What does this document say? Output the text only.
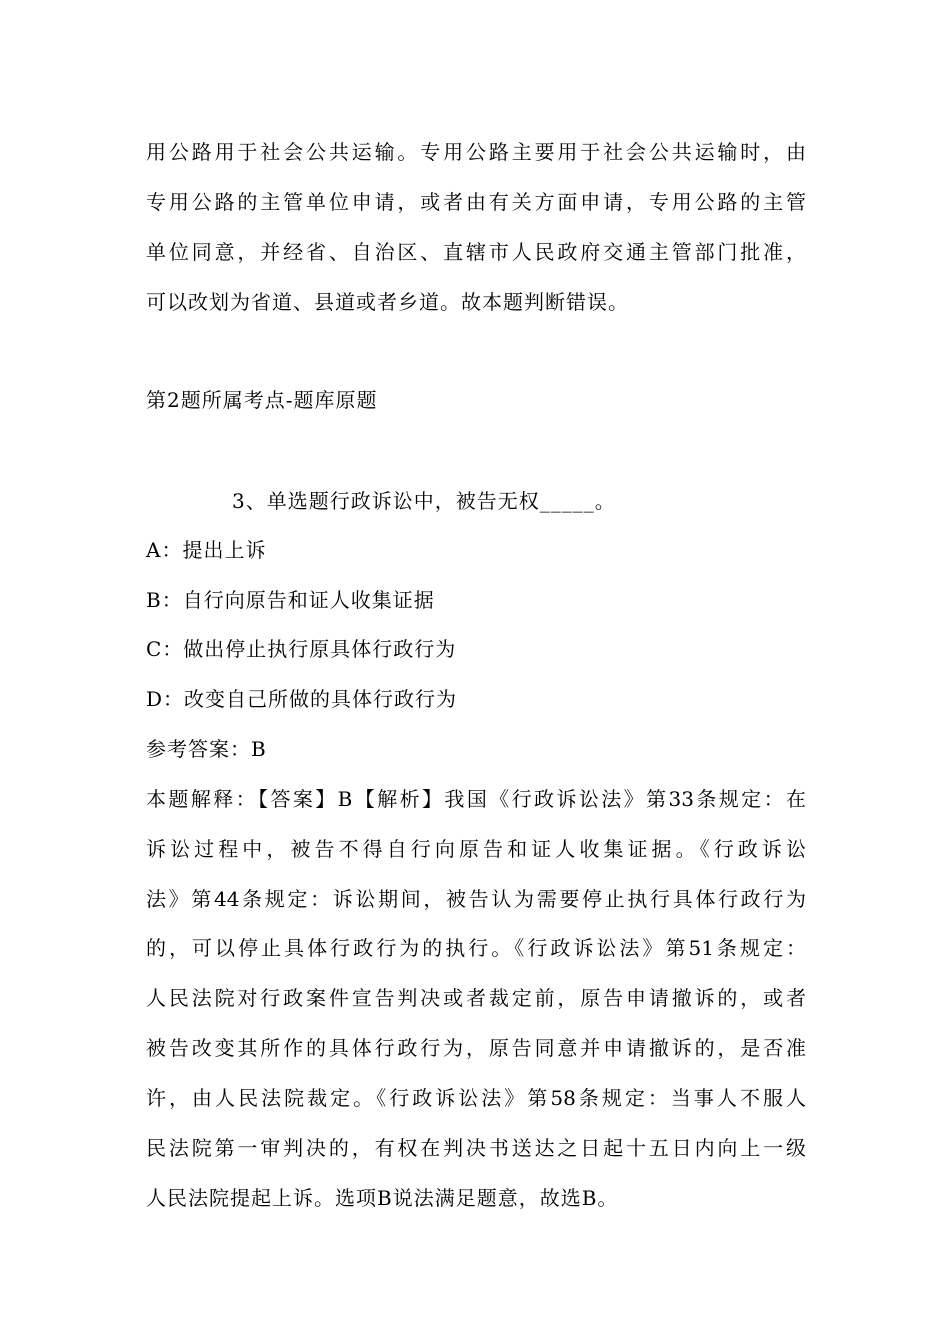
用公路用于社会公共运输。专用公路主要用于社会公共运输时，由
专用公路的主管单位申请，或者由有关方面申请，专用公路的主管
单位同意，并经省、自治区、直辖市人民政府交通主管部门批准，
可以改划为省道、县道或者乡道。故本题判断错误。
第2题所属考点-题库原题
3、单选题行政诉讼中，被告无权_____。
A：提出上诉
B：自行向原告和证人收集证据
C：做出停止执行原具体行政行为
D：改变自己所做的具体行政行为
参考答案：B
本题解释：【答案】B【解析】我国《行政诉讼法》第33条规定：在
诉讼过程中，被告不得自行向原告和证人收集证据。《行政诉讼
法》第44条规定：诉讼期间，被告认为需要停止执行具体行政行为
的，可以停止具体行政行为的执行。《行政诉讼法》第51条规定：
人民法院对行政案件宣告判决或者裁定前，原告申请撤诉的，或者
被告改变其所作的具体行政行为，原告同意并申请撤诉的，是否准
许，由人民法院裁定。《行政诉讼法》第58条规定：当事人不服人
民法院第一审判决的，有权在判决书送达之日起十五日内向上一级
人民法院提起上诉。选项B说法满足题意，故选B。
